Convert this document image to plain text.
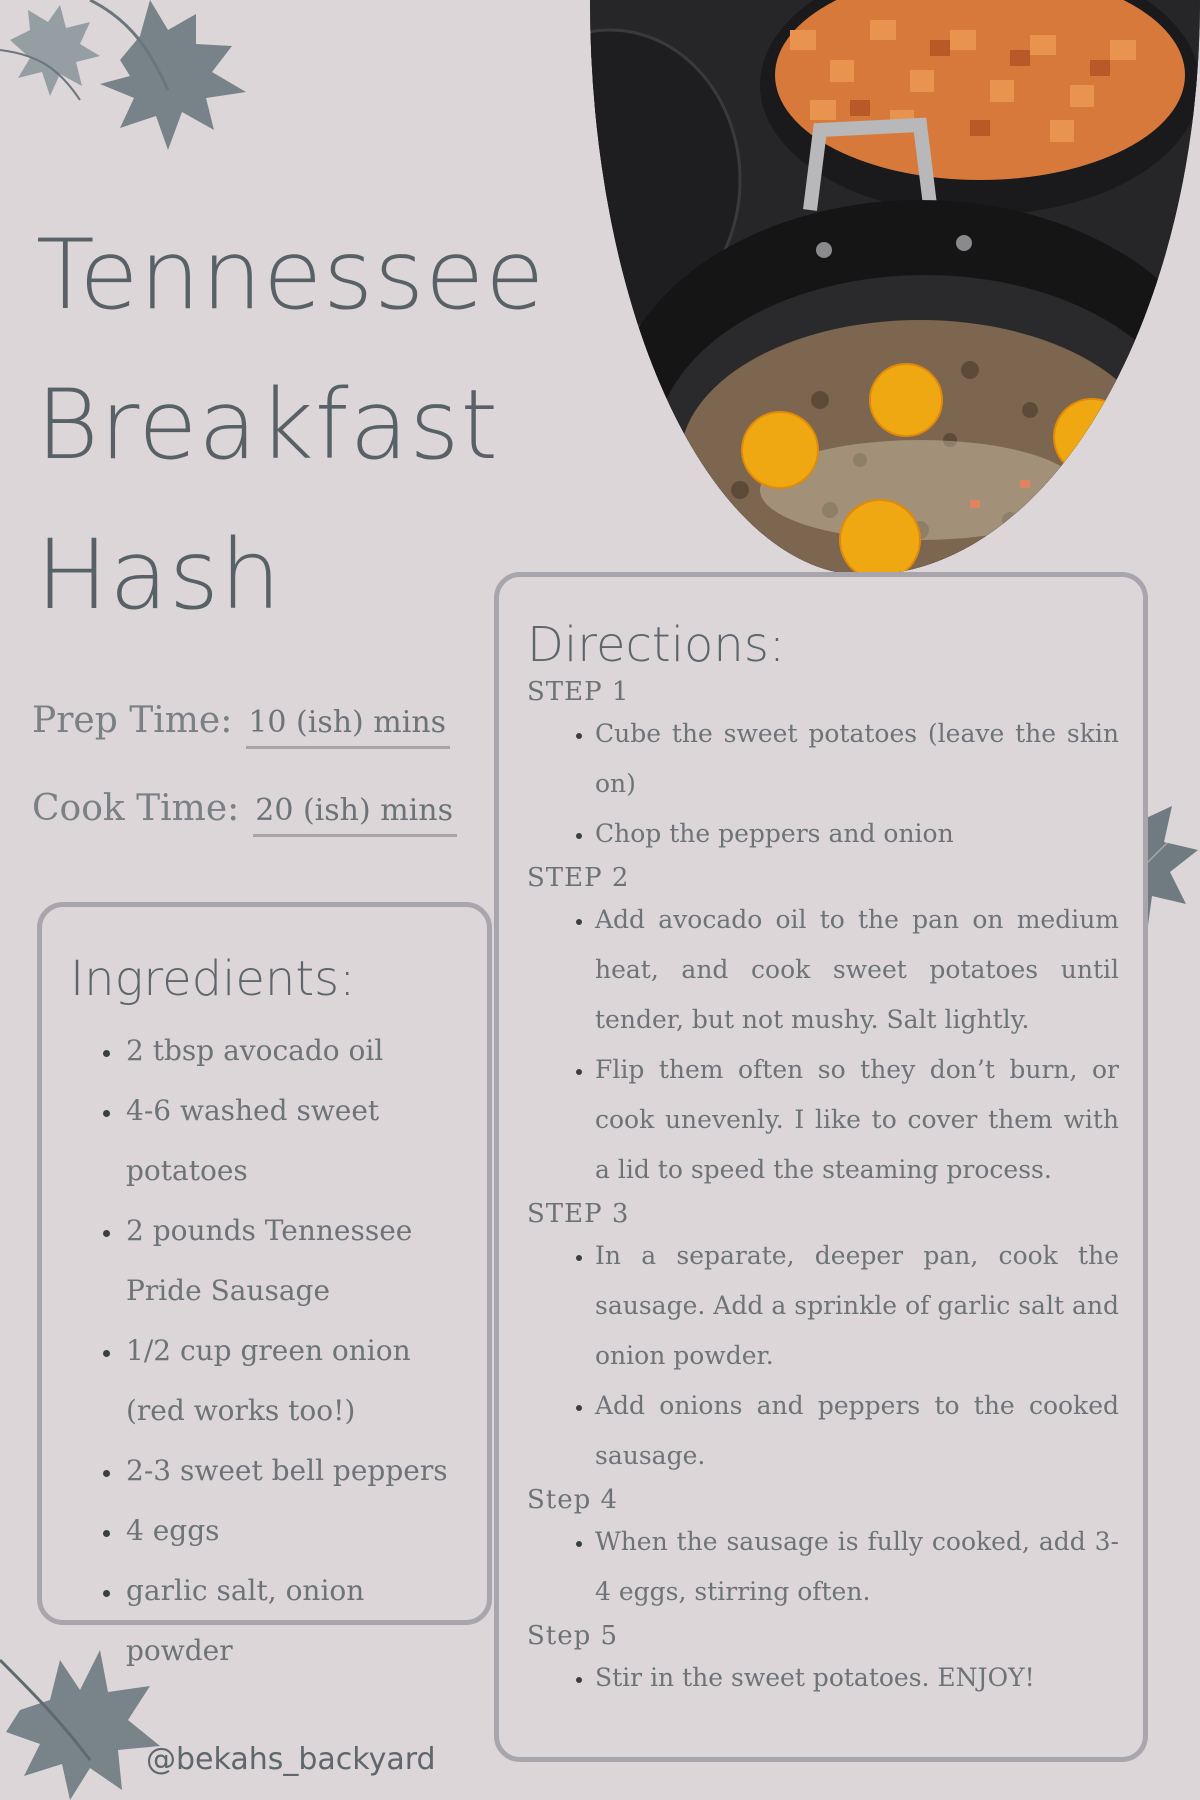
Tennessee
Breakfast
Hash
Prep Time: 10 (ish) mins
Cook Time: 20 (ish) mins
Ingredients:
• 2 tbsp avocado oil
• 4-6 washed sweet potatoes
• 2 pounds Tennessee Pride Sausage
• 1/2 cup green onion (red works too!)
• 2-3 sweet bell peppers
• 4 eggs
• garlic salt, onion powder
Directions:
STEP 1
• Cube the sweet potatoes (leave the skin on)
• Chop the peppers and onion
STEP 2
• Add avocado oil to the pan on medium heat, and cook sweet potatoes until tender, but not mushy. Salt lightly.
• Flip them often so they don’t burn, or cook unevenly. I like to cover them with a lid to speed the steaming process.
STEP 3
• In a separate, deeper pan, cook the sausage. Add a sprinkle of garlic salt and onion powder.
• Add onions and peppers to the cooked sausage.
Step 4
• When the sausage is fully cooked, add 3-4 eggs, stirring often.
Step 5
• Stir in the sweet potatoes. ENJOY!
@bekahs_backyard
